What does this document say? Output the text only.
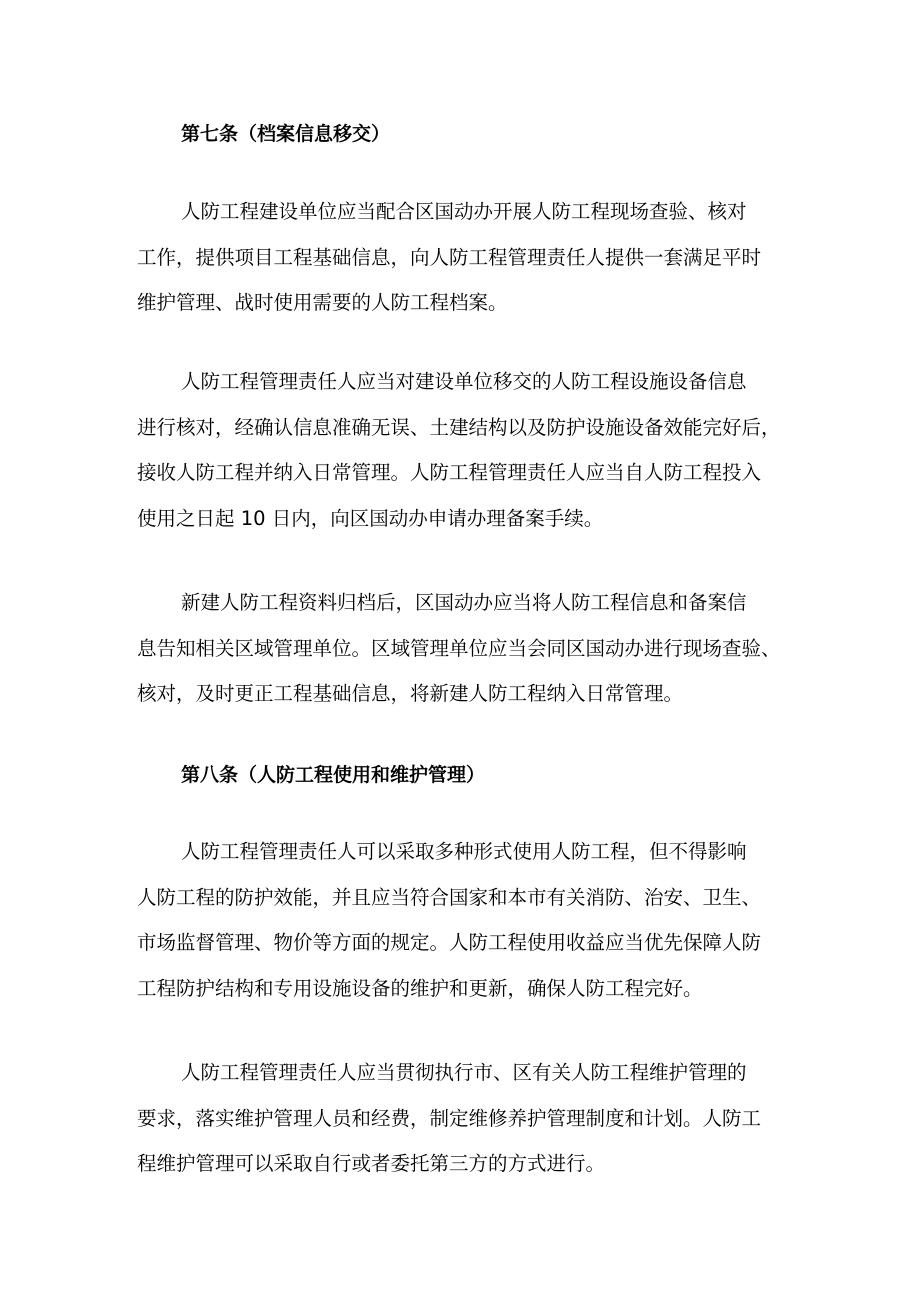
第七条（档案信息移交）

人防工程建设单位应当配合区国动办开展人防工程现场查验、核对
工作，提供项目工程基础信息，向人防工程管理责任人提供一套满足平时
维护管理、战时使用需要的人防工程档案。

人防工程管理责任人应当对建设单位移交的人防工程设施设备信息
进行核对，经确认信息准确无误、土建结构以及防护设施设备效能完好后，
接收人防工程并纳入日常管理。人防工程管理责任人应当自人防工程投入
使用之日起 10 日内，向区国动办申请办理备案手续。

新建人防工程资料归档后，区国动办应当将人防工程信息和备案信
息告知相关区域管理单位。区域管理单位应当会同区国动办进行现场查验、
核对，及时更正工程基础信息，将新建人防工程纳入日常管理。

第八条（人防工程使用和维护管理）

人防工程管理责任人可以采取多种形式使用人防工程，但不得影响
人防工程的防护效能，并且应当符合国家和本市有关消防、治安、卫生、
市场监督管理、物价等方面的规定。人防工程使用收益应当优先保障人防
工程防护结构和专用设施设备的维护和更新，确保人防工程完好。

人防工程管理责任人应当贯彻执行市、区有关人防工程维护管理的
要求，落实维护管理人员和经费，制定维修养护管理制度和计划。人防工
程维护管理可以采取自行或者委托第三方的方式进行。
